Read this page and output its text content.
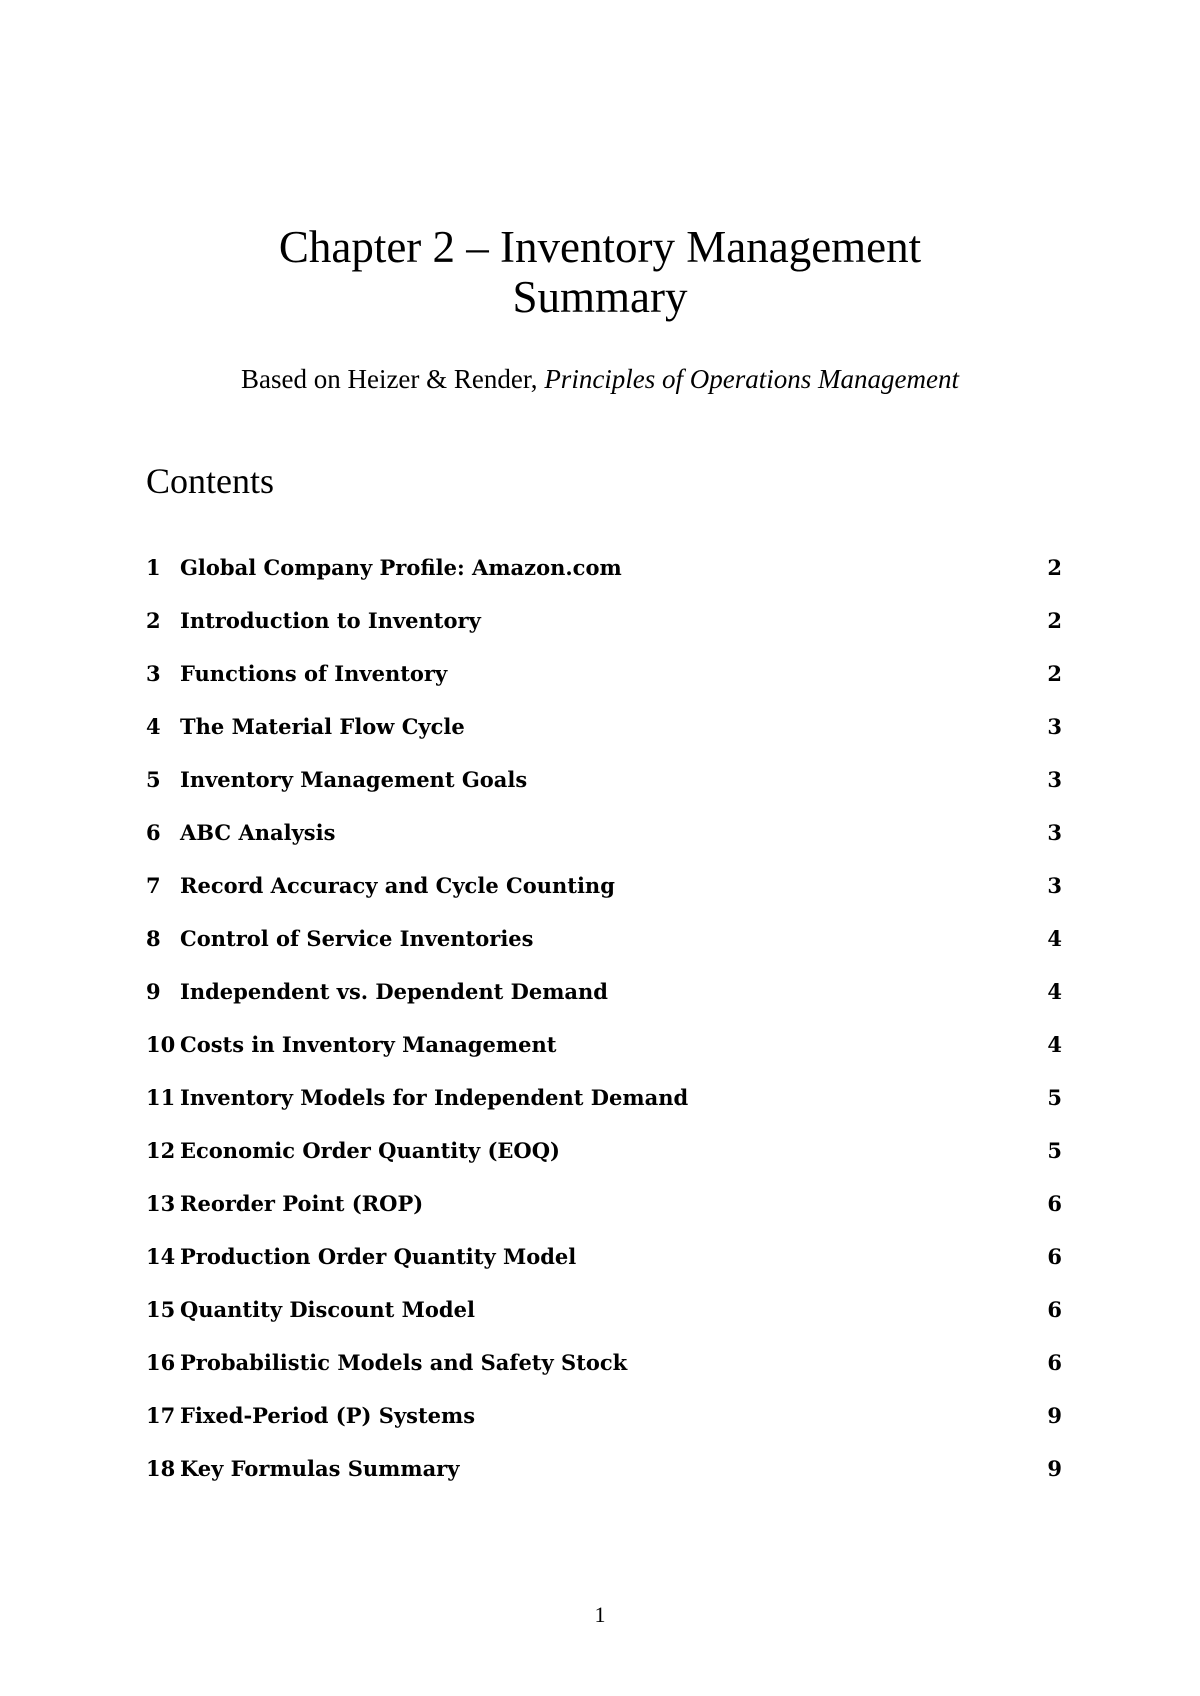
Chapter 2 – Inventory Management
Summary
Based on Heizer & Render, Principles of Operations Management
Contents
1 Global Company Profile: Amazon.com	2
2 Introduction to Inventory	2
3 Functions of Inventory	2
4 The Material Flow Cycle	3
5 Inventory Management Goals	3
6 ABC Analysis	3
7 Record Accuracy and Cycle Counting	3
8 Control of Service Inventories	4
9 Independent vs. Dependent Demand	4
10 Costs in Inventory Management	4
11 Inventory Models for Independent Demand	5
12 Economic Order Quantity (EOQ)	5
13 Reorder Point (ROP)	6
14 Production Order Quantity Model	6
15 Quantity Discount Model	6
16 Probabilistic Models and Safety Stock	6
17 Fixed-Period (P) Systems	9
18 Key Formulas Summary	9
1
